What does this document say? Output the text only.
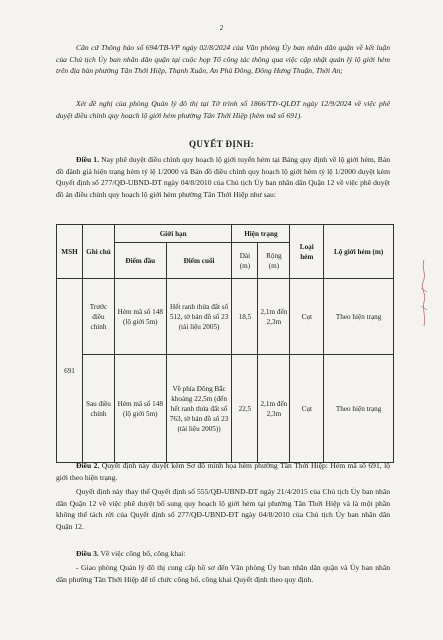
2

Căn cứ Thông báo số 694/TB-VP ngày 02/8/2024 của Văn phòng Ủy ban nhân dân quận về kết luận của Chủ tịch Ủy ban nhân dân quận tại cuộc họp Tổ công tác thông qua việc cập nhật quản lý lộ giới hẻm trên địa bàn phường Tân Thới Hiệp, Thạnh Xuân, An Phú Đông, Đông Hưng Thuận, Thới An;

Xét đề nghị của phòng Quản lý đô thị tại Tờ trình số 1866/TTr-QLĐT ngày 12/9/2024 về việc phê duyệt điều chỉnh quy hoạch lộ giới hẻm phường Tân Thới Hiệp (hẻm mã số 691).

QUYẾT ĐỊNH:

Điều 1. Nay phê duyệt điều chỉnh quy hoạch lộ giới tuyến hẻm tại Bảng quy định về lộ giới hẻm, Bản đồ đánh giá hiện trạng hẻm tỷ lệ 1/2000 và Bản đồ điều chỉnh quy hoạch lộ giới hẻm tỷ lệ 1/2000 duyệt kèm Quyết định số 277/QĐ-UBND-ĐT ngày 04/8/2010 của Chủ tịch Ủy ban nhân dân Quận 12 về việc phê duyệt đồ án điều chỉnh quy hoạch lộ giới hẻm phường Tân Thới Hiệp như sau:

MSH	Ghi chú	Giới hạn		Hiện trạng		Loại hẻm	Lộ giới hẻm (m)
		Điểm đầu	Điểm cuối	Dài (m)	Rộng (m)		
691	Trước điều chỉnh	Hẻm mã số 148 (lộ giới 5m)	Hết ranh thửa đất số 512, tờ bản đồ số 23 (tài liệu 2005)	18,5	2,1m đến 2,3m	Cụt	Theo hiện trạng
	Sau điều chỉnh	Hẻm mã số 148 (lộ giới 5m)	Về phía Đông Bắc khoảng 22,5m (đến hết ranh thửa đất số 763, tờ bản đồ số 23 (tài liệu 2005))	22,5	2,1m đến 2,3m	Cụt	Theo hiện trạng

Điều 2. Quyết định này duyệt kèm Sơ đồ minh họa hẻm phường Tân Thới Hiệp: Hẻm mã số 691, lộ giới theo hiện trạng.

Quyết định này thay thế Quyết định số 555/QĐ-UBND-ĐT ngày 21/4/2015 của Chủ tịch Ủy ban nhân dân Quận 12 về việc phê duyệt bổ sung quy hoạch lộ giới hẻm tại phường Tân Thới Hiệp và là một phần không thể tách rời của Quyết định số 277/QĐ-UBND-ĐT ngày 04/8/2010 của Chủ tịch Ủy ban nhân dân Quận 12.

Điều 3. Về việc công bố, công khai:

- Giao phòng Quản lý đô thị cung cấp hồ sơ đến Văn phòng Ủy ban nhân dân quận và Ủy ban nhân dân phường Tân Thới Hiệp để tổ chức công bố, công khai Quyết định theo quy định.
